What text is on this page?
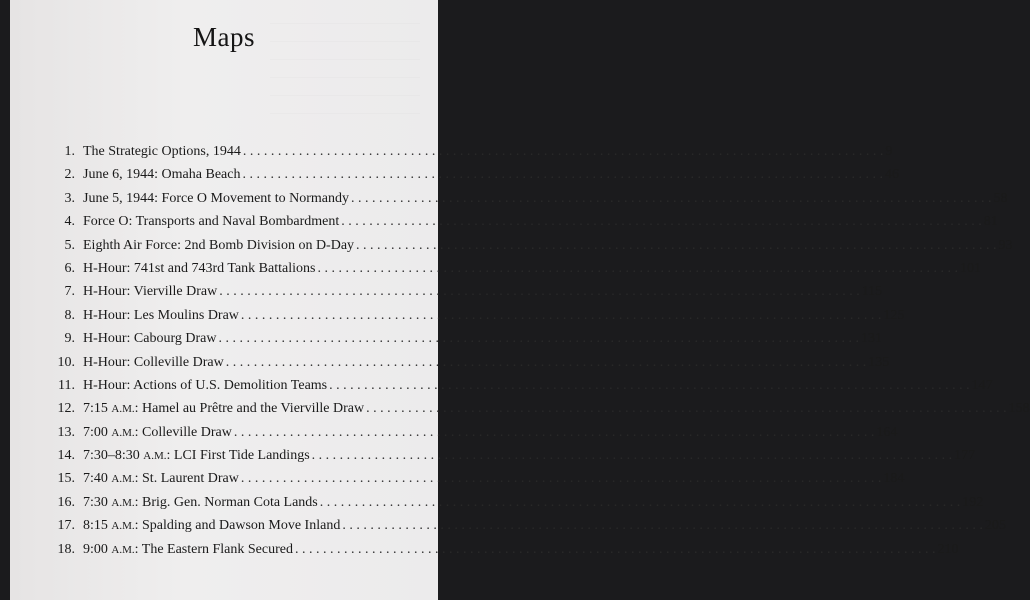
Maps
1. The Strategic Options, 1944 . . .	9
2. June 6, 1944: Omaha Beach . . .	46
3. June 5, 1944: Force O Movement to Normandy . . .	58
4. Force O: Transports and Naval Bombardment . . .	81
5. Eighth Air Force: 2nd Bomb Division on D-Day . . .	93
6. H-Hour: 741st and 743rd Tank Battalions . . .	101
7. H-Hour: Vierville Draw . . .	115
8. H-Hour: Les Moulins Draw . . .	125
9. H-Hour: Cabourg Draw . . .	131
10. H-Hour: Colleville Draw . . .	135
11. H-Hour: Actions of U.S. Demolition Teams . . .	147
12. 7:15 A.M.: Hamel au Prêtre and the Vierville Draw . . .	158
13. 7:00 A.M.: Colleville Draw . . .	164
14. 7:30–8:30 A.M.: LCI First Tide Landings . . .	177
15. 7:40 A.M.: St. Laurent Draw . . .	184
16. 7:30 A.M.: Brig. Gen. Norman Cota Lands . . .	192
17. 8:15 A.M.: Spalding and Dawson Move Inland . . .	205
18. 9:00 A.M.: The Eastern Flank Secured . . .	210
